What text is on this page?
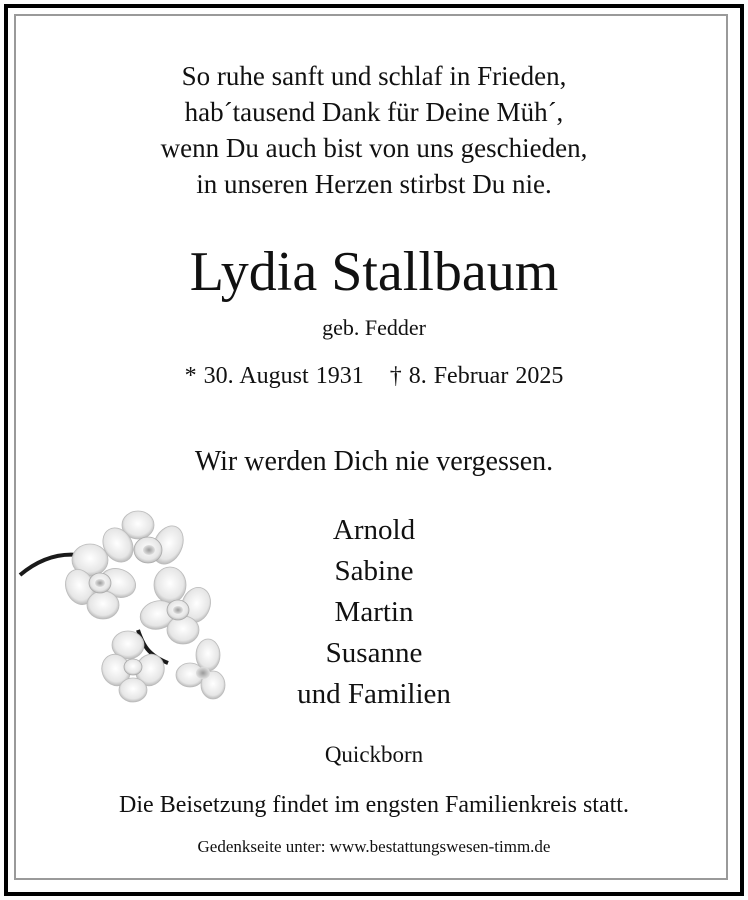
So ruhe sanft und schlaf in Frieden,
hab´tausend Dank für Deine Müh´,
wenn Du auch bist von uns geschieden,
in unseren Herzen stirbst Du nie.
Lydia Stallbaum
geb. Fedder
* 30. August 1931 † 8. Februar 2025
Wir werden Dich nie vergessen.
Arnold
Sabine
Martin
Susanne
und Familien
Quickborn
Die Beisetzung findet im engsten Familienkreis statt.
Gedenkseite unter: www.bestattungswesen-timm.de
